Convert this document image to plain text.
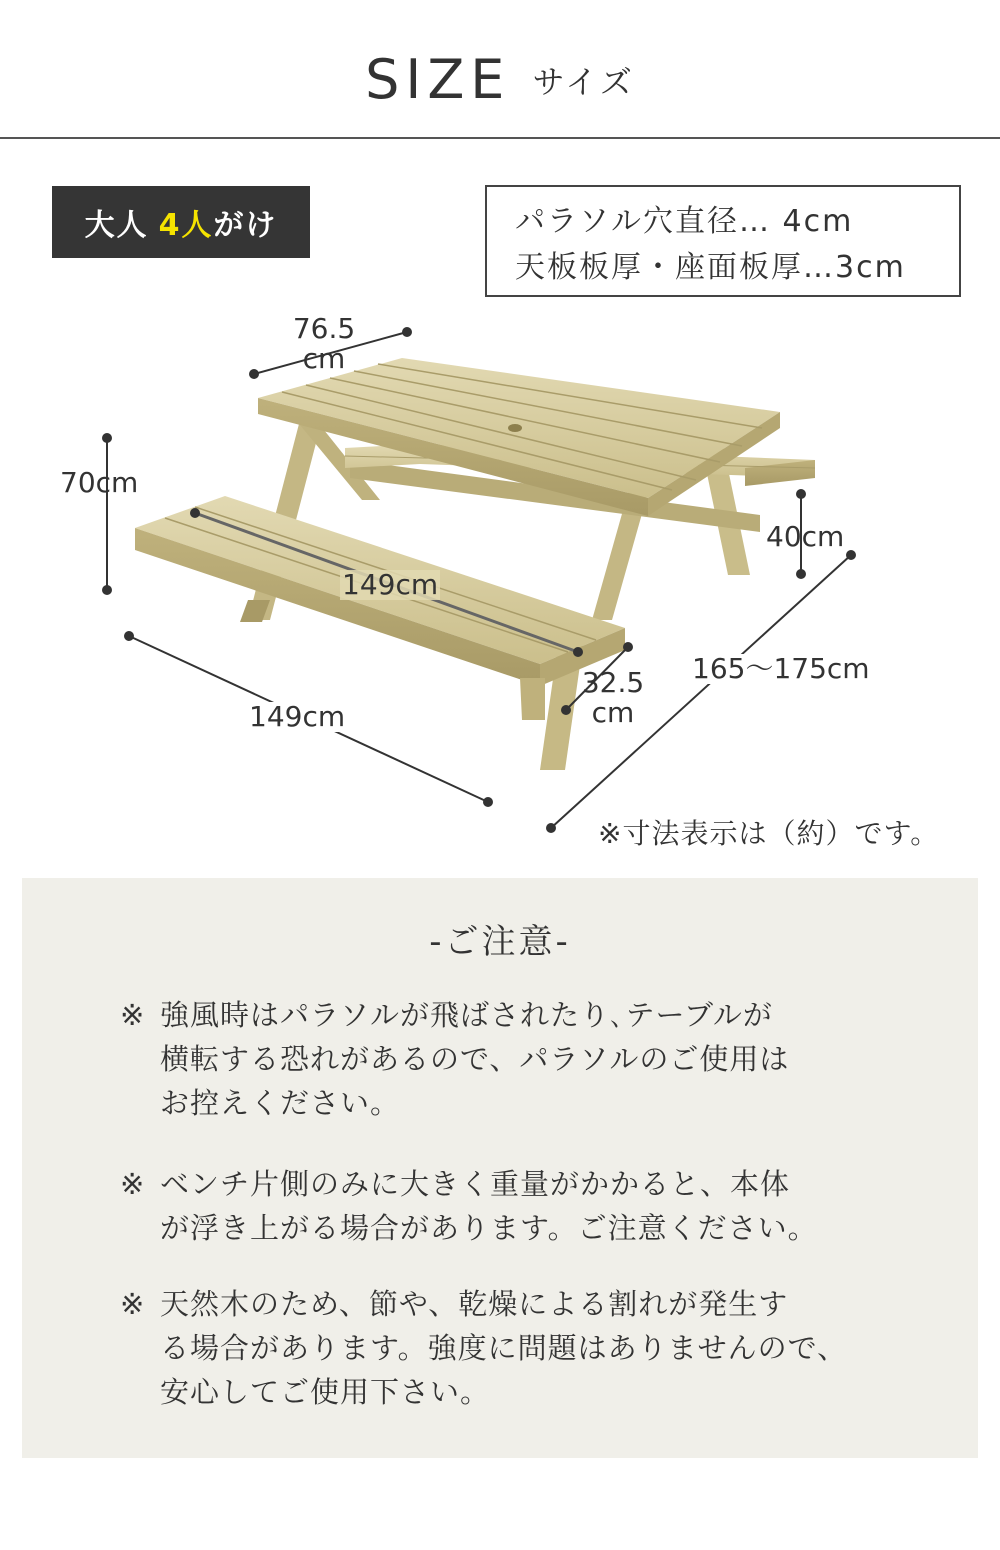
SIZE サイズ
大人 4人 がけ	パラソル穴直径… 4cm
天板板厚・座面板厚…3cm
76.5
cm
70cm
40cm
149cm
32.5
cm
149cm
165～175cm
※寸法表示は（約）です。
-ご注意-
※ 強風時はパラソルが飛ばされたり､テーブルが
横転する恐れがあるので、パラソルのご使用は
お控えください。
※ ベンチ片側のみに大きく重量がかかると、本体
が浮き上がる場合があります。ご注意ください。
※ 天然木のため、節や、乾燥による割れが発生す
る場合があります。強度に問題はありませんので、
安心してご使用下さい。
